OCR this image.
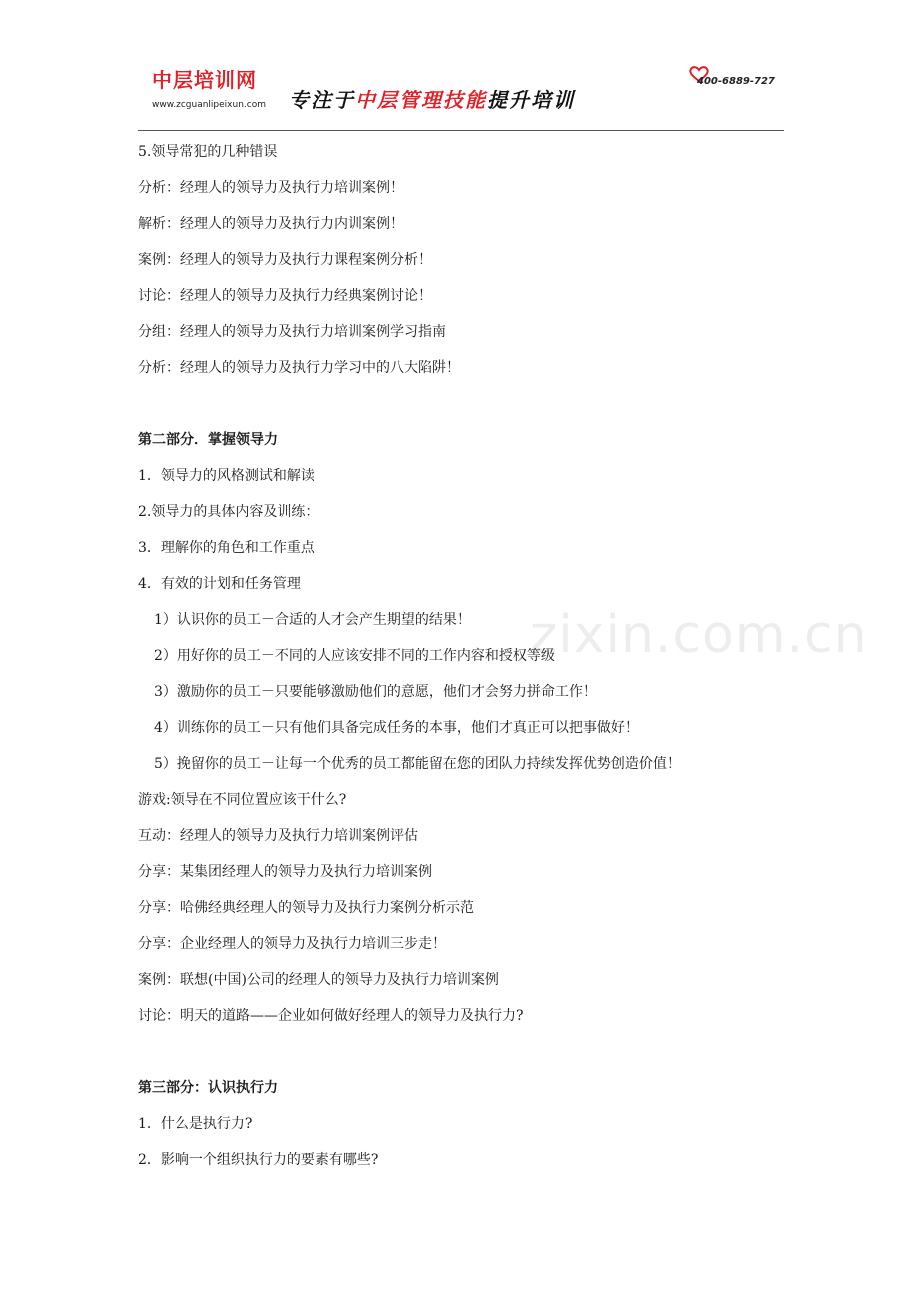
中层培训网
www.zcguanlipeixun.com 专注于中层管理技能提升培训
400-6889-727
zixin.com.cn
5.领导常犯的几种错误
分析：经理人的领导力及执行力培训案例！
解析：经理人的领导力及执行力内训案例！
案例：经理人的领导力及执行力课程案例分析！
讨论：经理人的领导力及执行力经典案例讨论！
分组：经理人的领导力及执行力培训案例学习指南
分析：经理人的领导力及执行力学习中的八大陷阱！
第二部分．掌握领导力
1．领导力的风格测试和解读
2.领导力的具体内容及训练：
3．理解你的角色和工作重点
4．有效的计划和任务管理
1）认识你的员工－合适的人才会产生期望的结果！
2）用好你的员工－不同的人应该安排不同的工作内容和授权等级
3）激励你的员工－只要能够激励他们的意愿，他们才会努力拼命工作！
4）训练你的员工－只有他们具备完成任务的本事，他们才真正可以把事做好！
5）挽留你的员工－让每一个优秀的员工都能留在您的团队力持续发挥优势创造价值！
游戏:领导在不同位置应该干什么?
互动：经理人的领导力及执行力培训案例评估
分享：某集团经理人的领导力及执行力培训案例
分享：哈佛经典经理人的领导力及执行力案例分析示范
分享：企业经理人的领导力及执行力培训三步走！
案例：联想(中国)公司的经理人的领导力及执行力培训案例
讨论：明天的道路——企业如何做好经理人的领导力及执行力?
第三部分：认识执行力
1．什么是执行力?
2．影响一个组织执行力的要素有哪些?
